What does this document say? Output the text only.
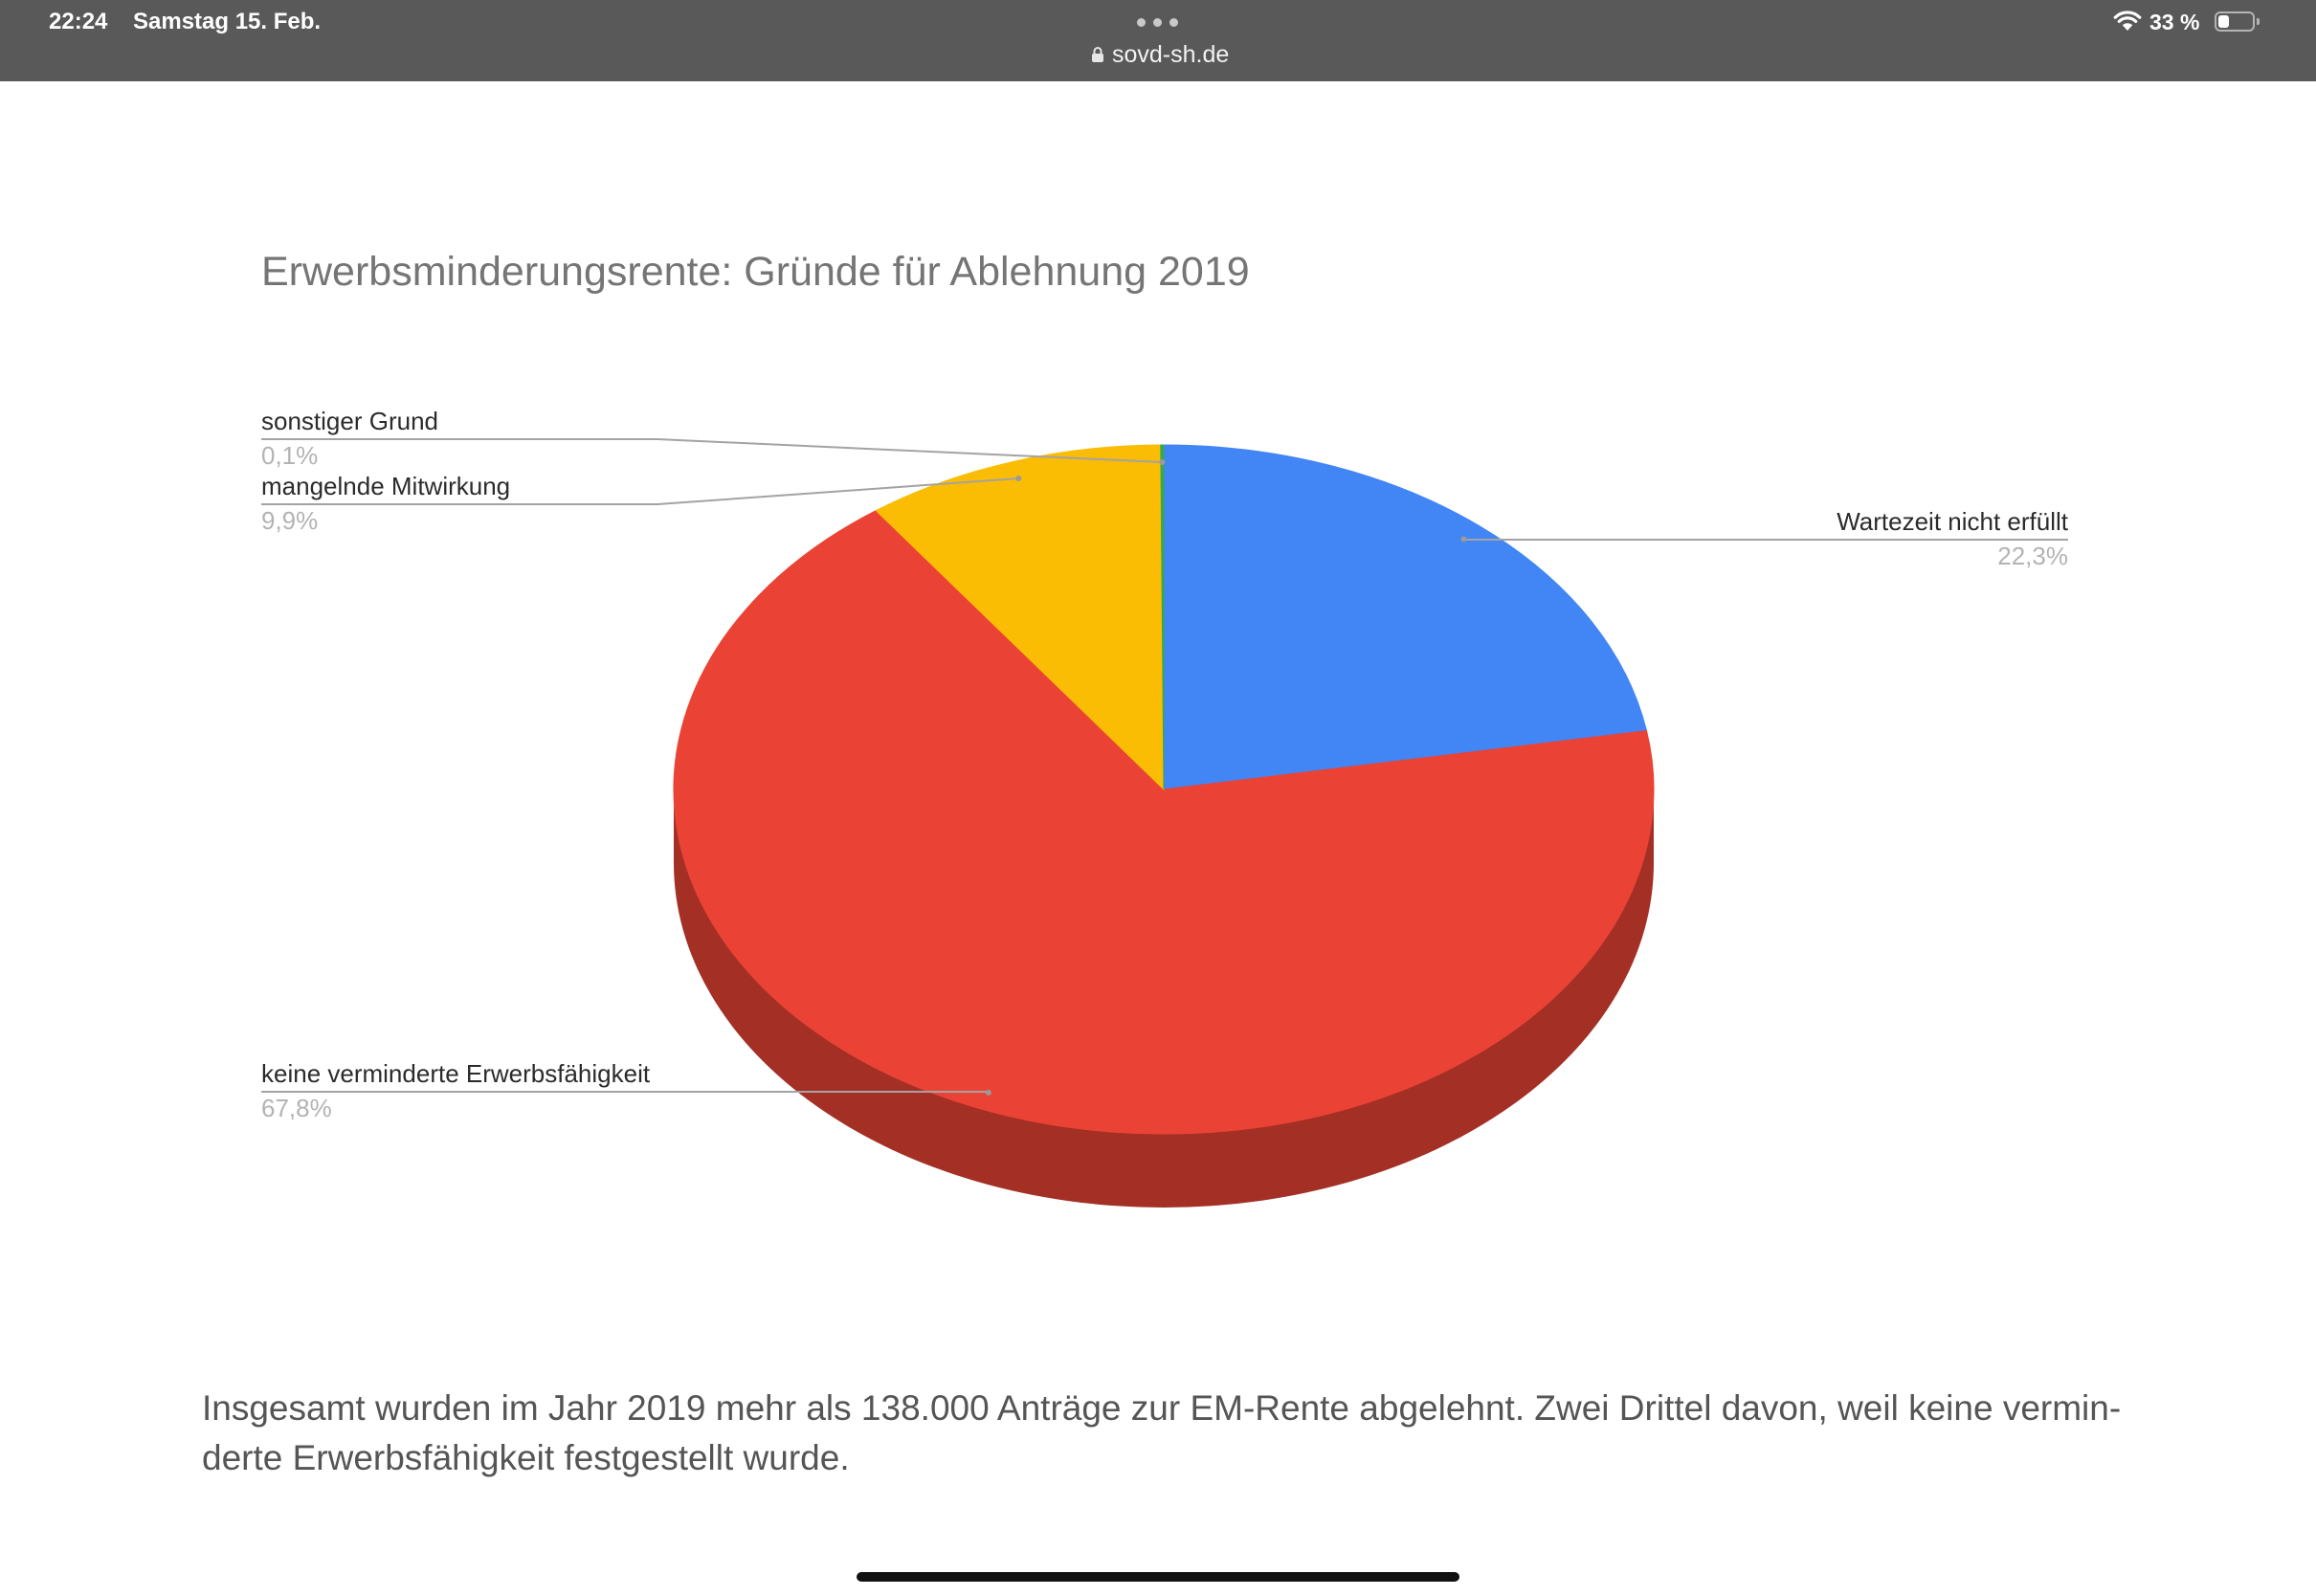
22:24 Samstag 15. Feb.
sovd-sh.de
33 %
Erwerbsminderungsrente: Gründe für Ablehnung 2019
Wartezeit nicht erfüllt
22,3%
keine verminderte Erwerbsfähigkeit
67,8%
mangelnde Mitwirkung
9,9%
sonstiger Grund
0,1%
Insgesamt wurden im Jahr 2019 mehr als 138.000 Anträge zur EM-Rente abgelehnt. Zwei Drittel davon, weil keine vermin-
derte Erwerbsfähigkeit festgestellt wurde.
